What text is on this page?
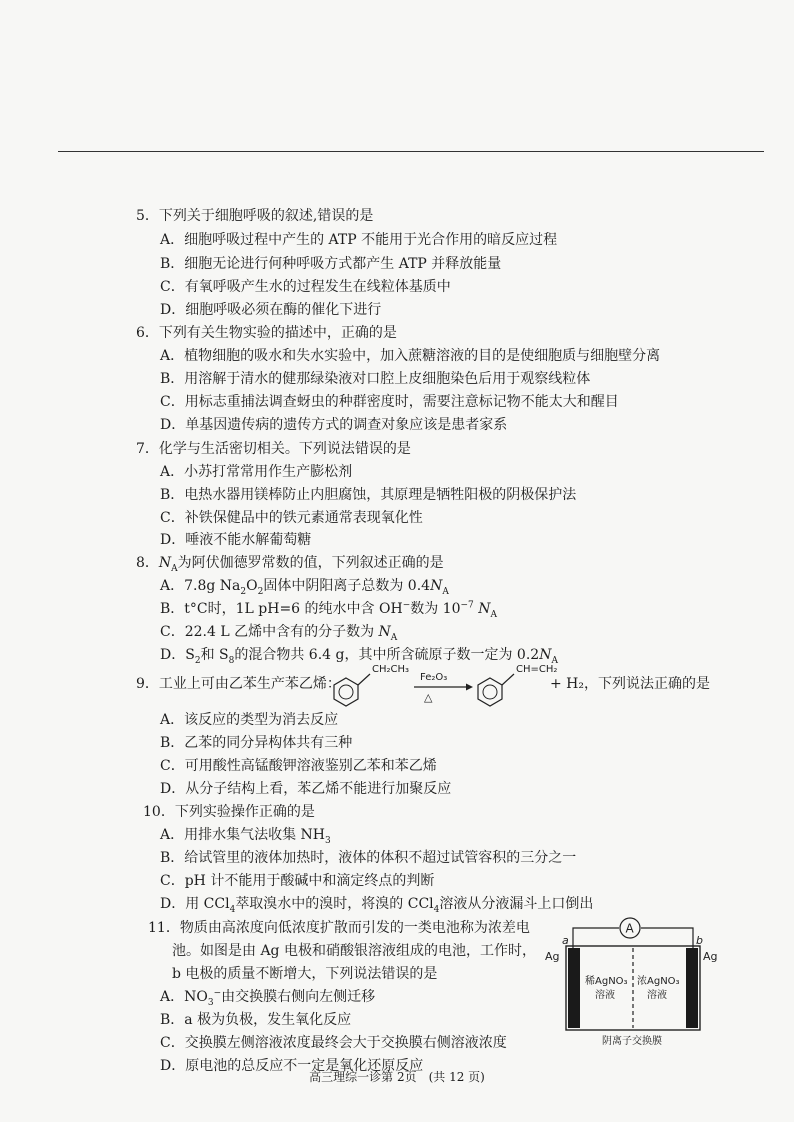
5．下列关于细胞呼吸的叙述,错误的是
A．细胞呼吸过程中产生的 ATP 不能用于光合作用的暗反应过程
B．细胞无论进行何种呼吸方式都产生 ATP 并释放能量
C．有氧呼吸产生水的过程发生在线粒体基质中
D．细胞呼吸必须在酶的催化下进行
6．下列有关生物实验的描述中，正确的是
A．植物细胞的吸水和失水实验中，加入蔗糖溶液的目的是使细胞质与细胞壁分离
B．用溶解于清水的健那绿染液对口腔上皮细胞染色后用于观察线粒体
C．用标志重捕法调查蚜虫的种群密度时，需要注意标记物不能太大和醒目
D．单基因遗传病的遗传方式的调查对象应该是患者家系
7．化学与生活密切相关。下列说法错误的是
A．小苏打常常用作生产膨松剂
B．电热水器用镁棒防止内胆腐蚀，其原理是牺牲阳极的阴极保护法
C．补铁保健品中的铁元素通常表现氧化性
D．唾液不能水解葡萄糖
8．$N_A$为阿伏伽德罗常数的值，下列叙述正确的是
A．7.8g $Na_2O_2$固体中阴阳离子总数为 $0.4N_A$
B．t°C时，1L pH=6 的纯水中含 OH−数为 $10^{-7}$ $N_A$
C．22.4 L 乙烯中含有的分子数为 $N_A$
D．$S_2$和 $S_8$的混合物共 6.4 g，其中所含硫原子数一定为 $0.2N_A$
9．工业上可由乙苯生产苯乙烯：
CH₂CH₃
Fe₂O₃
△
CH=CH₂
+ H₂，下列说法正确的是
A．该反应的类型为消去反应
B．乙苯的同分异构体共有三种
C．可用酸性高锰酸钾溶液鉴别乙苯和苯乙烯
D．从分子结构上看，苯乙烯不能进行加聚反应
10．下列实验操作正确的是
A．用排水集气法收集 $NH_3$
B．给试管里的液体加热时，液体的体积不超过试管容积的三分之一
C．pH 计不能用于酸碱中和滴定终点的判断
D．用 CCl$_4$萃取溴水中的溴时，将溴的 CCl$_4$溶液从分液漏斗上口倒出
11．物质由高浓度向低浓度扩散而引发的一类电池称为浓差电
池。如图是由 Ag 电极和硝酸银溶液组成的电池，工作时，
b 电极的质量不断增大，下列说法错误的是
A．$NO_3^-$由交换膜右侧向左侧迁移
B．a 极为负极，发生氧化反应
C．交换膜左侧溶液浓度最终会大于交换膜右侧溶液浓度
D．原电池的总反应不一定是氧化还原反应
A
a	b
Ag	Ag
稀AgNO₃
溶液
浓AgNO₃
溶液
阴离子交换膜
高三理综一诊第 2页　(共 12 页)
